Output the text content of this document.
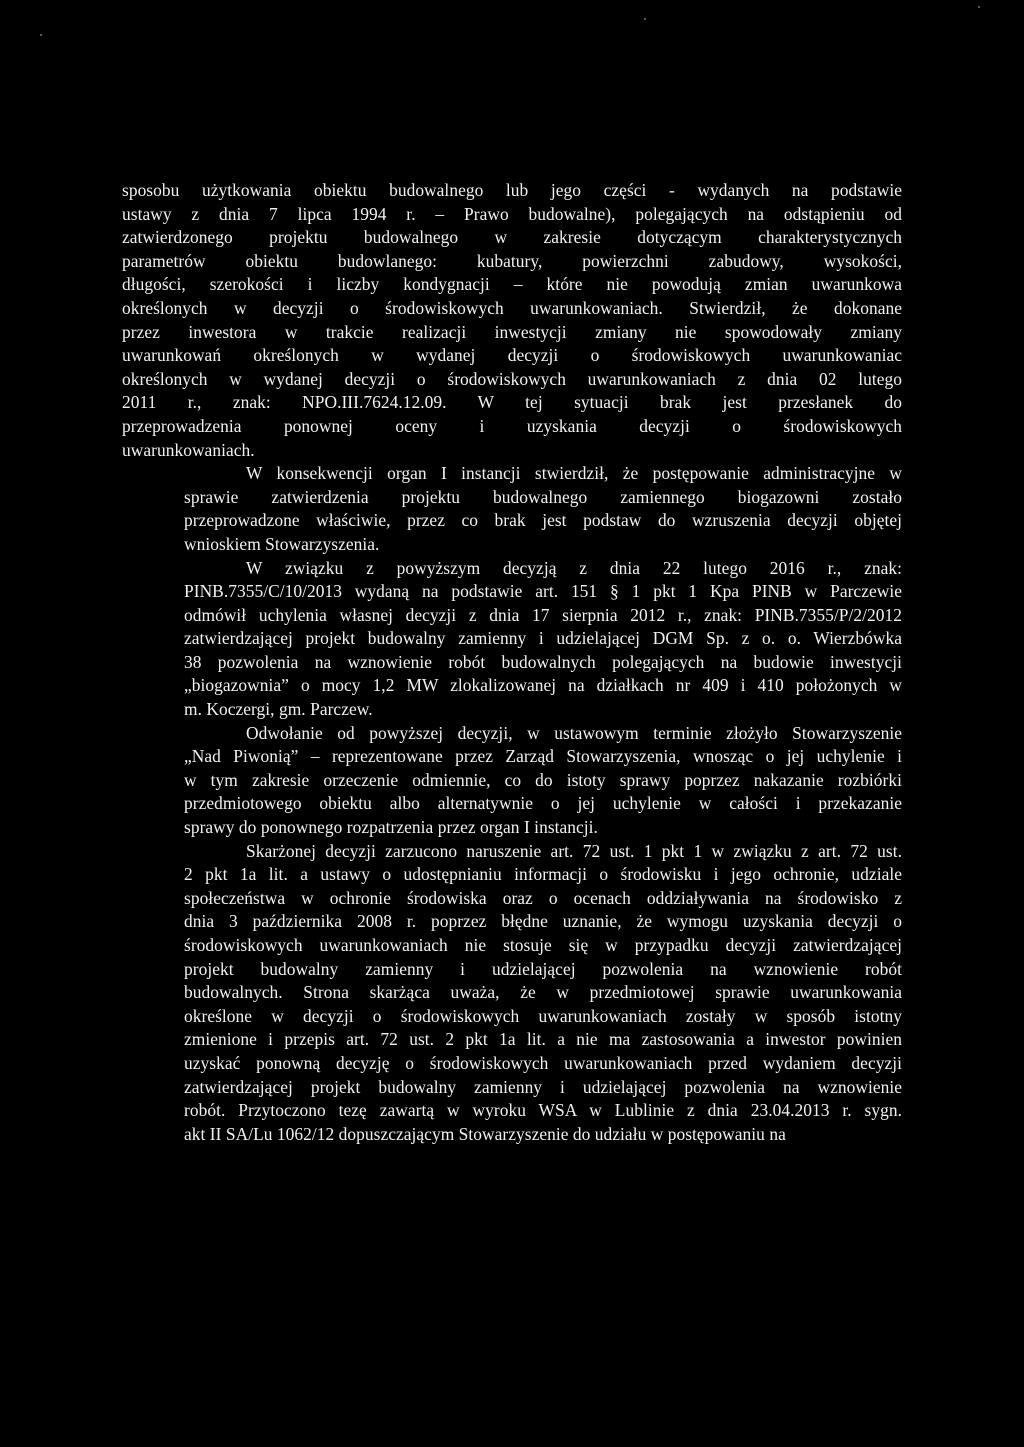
sposobu użytkowania obiektu budowalnego lub jego części - wydanych na podstawie
ustawy z dnia 7 lipca 1994 r. – Prawo budowalne), polegających na odstąpieniu od
zatwierdzonego projektu budowalnego w zakresie dotyczącym charakterystycznych
parametrów obiektu budowlanego: kubatury, powierzchni zabudowy, wysokości,
długości, szerokości i liczby kondygnacji – które nie powodują zmian uwarunkowa
określonych w decyzji o środowiskowych uwarunkowaniach. Stwierdził, że dokonane
przez inwestora w trakcie realizacji inwestycji zmiany nie spowodowały zmiany
uwarunkowań określonych w wydanej decyzji o środowiskowych uwarunkowaniac
określonych w wydanej decyzji o środowiskowych uwarunkowaniach z dnia 02 lutego
2011 r., znak: NPO.III.7624.12.09. W tej sytuacji brak jest przesłanek do
przeprowadzenia ponownej oceny i uzyskania decyzji o środowiskowych
uwarunkowaniach.
W konsekwencji organ I instancji stwierdził, że postępowanie administracyjne w
sprawie zatwierdzenia projektu budowalnego zamiennego biogazowni zostało
przeprowadzone właściwie, przez co brak jest podstaw do wzruszenia decyzji objętej
wnioskiem Stowarzyszenia.
W związku z powyższym decyzją z dnia 22 lutego 2016 r., znak:
PINB.7355/C/10/2013 wydaną na podstawie art. 151 § 1 pkt 1 Kpa PINB w Parczewie
odmówił uchylenia własnej decyzji z dnia 17 sierpnia 2012 r., znak: PINB.7355/P/2/2012
zatwierdzającej projekt budowalny zamienny i udzielającej DGM Sp. z o. o. Wierzbówka
38 pozwolenia na wznowienie robót budowalnych polegających na budowie inwestycji
„biogazownia” o mocy 1,2 MW zlokalizowanej na działkach nr 409 i 410 położonych w
m. Koczergi, gm. Parczew.
Odwołanie od powyższej decyzji, w ustawowym terminie złożyło Stowarzyszenie
„Nad Piwonią” – reprezentowane przez Zarząd Stowarzyszenia, wnosząc o jej uchylenie i
w tym zakresie orzeczenie odmiennie, co do istoty sprawy poprzez nakazanie rozbiórki
przedmiotowego obiektu albo alternatywnie o jej uchylenie w całości i przekazanie
sprawy do ponownego rozpatrzenia przez organ I instancji.
Skarżonej decyzji zarzucono naruszenie art. 72 ust. 1 pkt 1 w związku z art. 72 ust.
2 pkt 1a lit. a ustawy o udostępnianiu informacji o środowisku i jego ochronie, udziale
społeczeństwa w ochronie środowiska oraz o ocenach oddziaływania na środowisko z
dnia 3 października 2008 r. poprzez błędne uznanie, że wymogu uzyskania decyzji o
środowiskowych uwarunkowaniach nie stosuje się w przypadku decyzji zatwierdzającej
projekt budowalny zamienny i udzielającej pozwolenia na wznowienie robót
budowalnych. Strona skarżąca uważa, że w przedmiotowej sprawie uwarunkowania
określone w decyzji o środowiskowych uwarunkowaniach zostały w sposób istotny
zmienione i przepis art. 72 ust. 2 pkt 1a lit. a nie ma zastosowania a inwestor powinien
uzyskać ponowną decyzję o środowiskowych uwarunkowaniach przed wydaniem decyzji
zatwierdzającej projekt budowalny zamienny i udzielającej pozwolenia na wznowienie
robót. Przytoczono tezę zawartą w wyroku WSA w Lublinie z dnia 23.04.2013 r. sygn.
akt II SA/Lu 1062/12 dopuszczającym Stowarzyszenie do udziału w postępowaniu na
